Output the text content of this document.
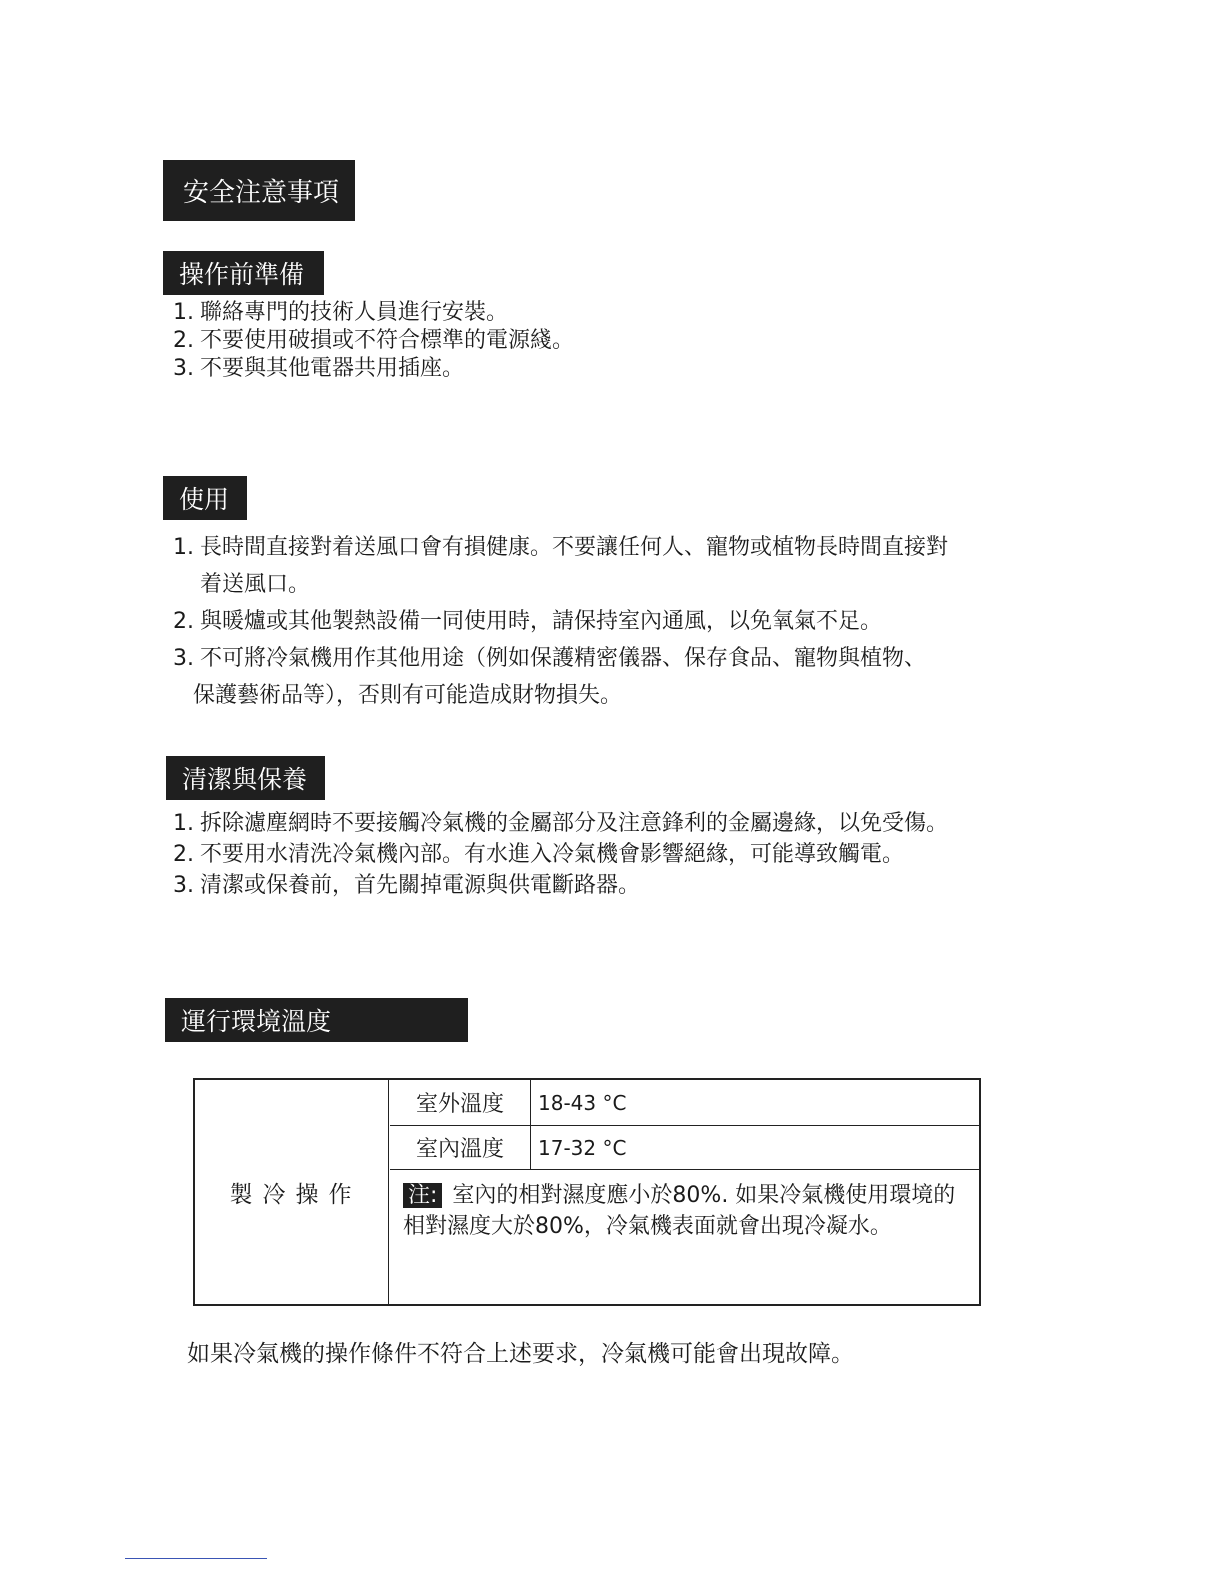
安全注意事項
操作前準備
1. 聯絡專門的技術人員進行安裝。
2. 不要使用破損或不符合標準的電源綫。
3. 不要與其他電器共用插座。
使用
1. 長時間直接對着送風口會有損健康。不要讓任何人、寵物或植物長時間直接對
着送風口。
2. 與暖爐或其他製熱設備一同使用時，請保持室內通風，以免氧氣不足。
3. 不可將冷氣機用作其他用途（例如保護精密儀器、保存食品、寵物與植物、
保護藝術品等），否則有可能造成財物損失。
清潔與保養
1. 拆除濾塵網時不要接觸冷氣機的金屬部分及注意鋒利的金屬邊緣，以免受傷。
2. 不要用水清洗冷氣機內部。有水進入冷氣機會影響絕緣，可能導致觸電。
3. 清潔或保養前，首先關掉電源與供電斷路器。
運行環境溫度
製冷操作
室外溫度	18-43 °C
室內溫度	17-32 °C
注: 室內的相對濕度應小於80%. 如果冷氣機使用環境的相對濕度大於80%，冷氣機表面就會出現冷凝水。
如果冷氣機的操作條件不符合上述要求，冷氣機可能會出現故障。
